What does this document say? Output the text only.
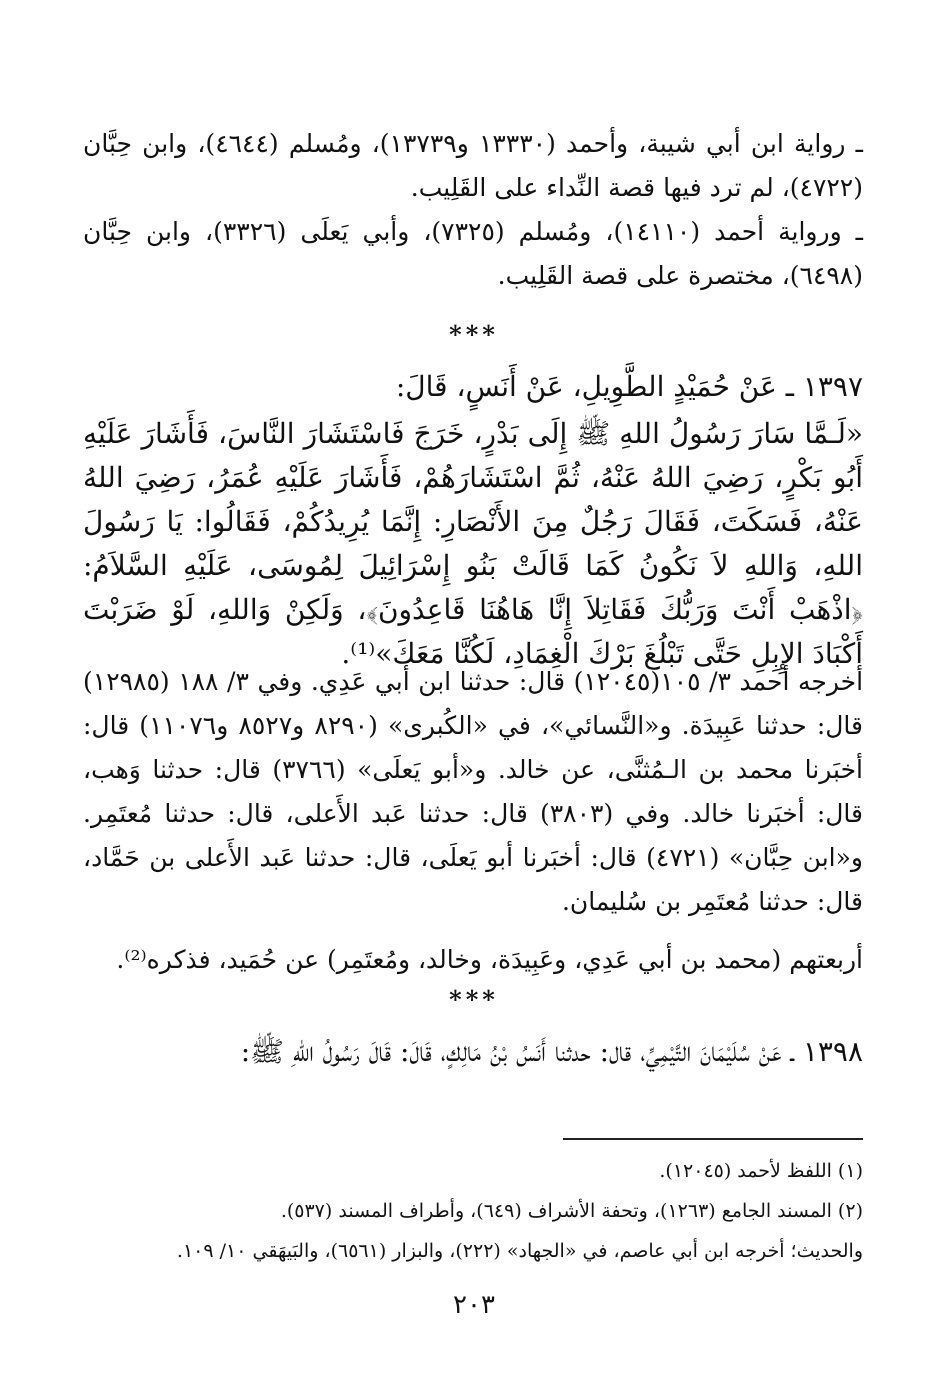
ـ رواية ابن أبي شيبة، وأحمد (١٣٣٣٠ و١٣٧٣٩)، ومُسلم (٤٦٤٤)، وابن حِبَّان (٤٧٢٢)، لم ترد فيها قصة النِّداء على القَلِيب.

ـ ورواية أحمد (١٤١١٠)، ومُسلم (٧٣٢٥)، وأبي يَعلَى (٣٣٢٦)، وابن حِبَّان (٦٤٩٨)، مختصرة على قصة القَلِيب.

***

١٣٩٧ ـ عَنْ حُمَيْدٍ الطَّوِيلِ، عَنْ أَنَسٍ، قَالَ:

«لَـمَّا سَارَ رَسُولُ اللهِ ﷺ إِلَى بَدْرٍ، خَرَجَ فَاسْتَشَارَ النَّاسَ، فَأَشَارَ عَلَيْهِ أَبُو بَكْرٍ، رَضِيَ اللهُ عَنْهُ، ثُمَّ اسْتَشَارَهُمْ، فَأَشَارَ عَلَيْهِ عُمَرُ، رَضِيَ اللهُ عَنْهُ، فَسَكَتَ، فَقَالَ رَجُلٌ مِنَ الأَنْصَارِ: إِنَّمَا يُرِيدُكُمْ، فَقَالُوا: يَا رَسُولَ اللهِ، وَاللهِ لاَ نَكُونُ كَمَا قَالَتْ بَنُو إِسْرَائِيلَ لِمُوسَى، عَلَيْهِ السَّلاَمُ: ﴿اذْهَبْ أَنْتَ وَرَبُّكَ فَقَاتِلاَ إِنَّا هَاهُنَا قَاعِدُونَ﴾، وَلَكِنْ وَاللهِ، لَوْ ضَرَبْتَ أَكْبَادَ الإِبِلِ حَتَّى تَبْلُغَ بَرْكَ الْغِمَادِ، لَكُنَّا مَعَكَ»⁽¹⁾.

أخرجه أحمد ٣/ ١٠٥(١٢٠٤٥) قال: حدثنا ابن أبي عَدِي. وفي ٣/ ١٨٨ (١٢٩٨٥) قال: حدثنا عَبِيدَة. و«النَّسائي»، في «الكُبرى» (٨٢٩٠ و٨٥٢٧ و١١٠٧٦) قال: أخبَرنا محمد بن الـمُثنَّى، عن خالد. و«أبو يَعلَى» (٣٧٦٦) قال: حدثنا وَهب، قال: أخبَرنا خالد. وفي (٣٨٠٣) قال: حدثنا عَبد الأَعلى، قال: حدثنا مُعتَمِر. و«ابن حِبَّان» (٤٧٢١) قال: أخبَرنا أبو يَعلَى، قال: حدثنا عَبد الأَعلى بن حَمَّاد، قال: حدثنا مُعتَمِر بن سُليمان.

أربعتهم (محمد بن أبي عَدِي، وعَبِيدَة، وخالد، ومُعتَمِر) عن حُمَيد، فذكره⁽²⁾.

***

١٣٩٨ ـ عَنْ سُلَيْمَانَ التَّيْمِيِّ، قال: حدثنا أَنَسُ بْنُ مَالِكٍ، قَالَ: قَالَ رَسُولُ اللهِ ﷺ:

(١) اللفظ لأحمد (١٢٠٤٥).

(٢) المسند الجامع (١٢٦٣)، وتحفة الأشراف (٦٤٩)، وأطراف المسند (٥٣٧).

والحديث؛ أخرجه ابن أبي عاصم، في «الجهاد» (٢٢٢)، والبزار (٦٥٦١)، والبَيهَقي ١٠/ ١٠٩.

٢٠٣
